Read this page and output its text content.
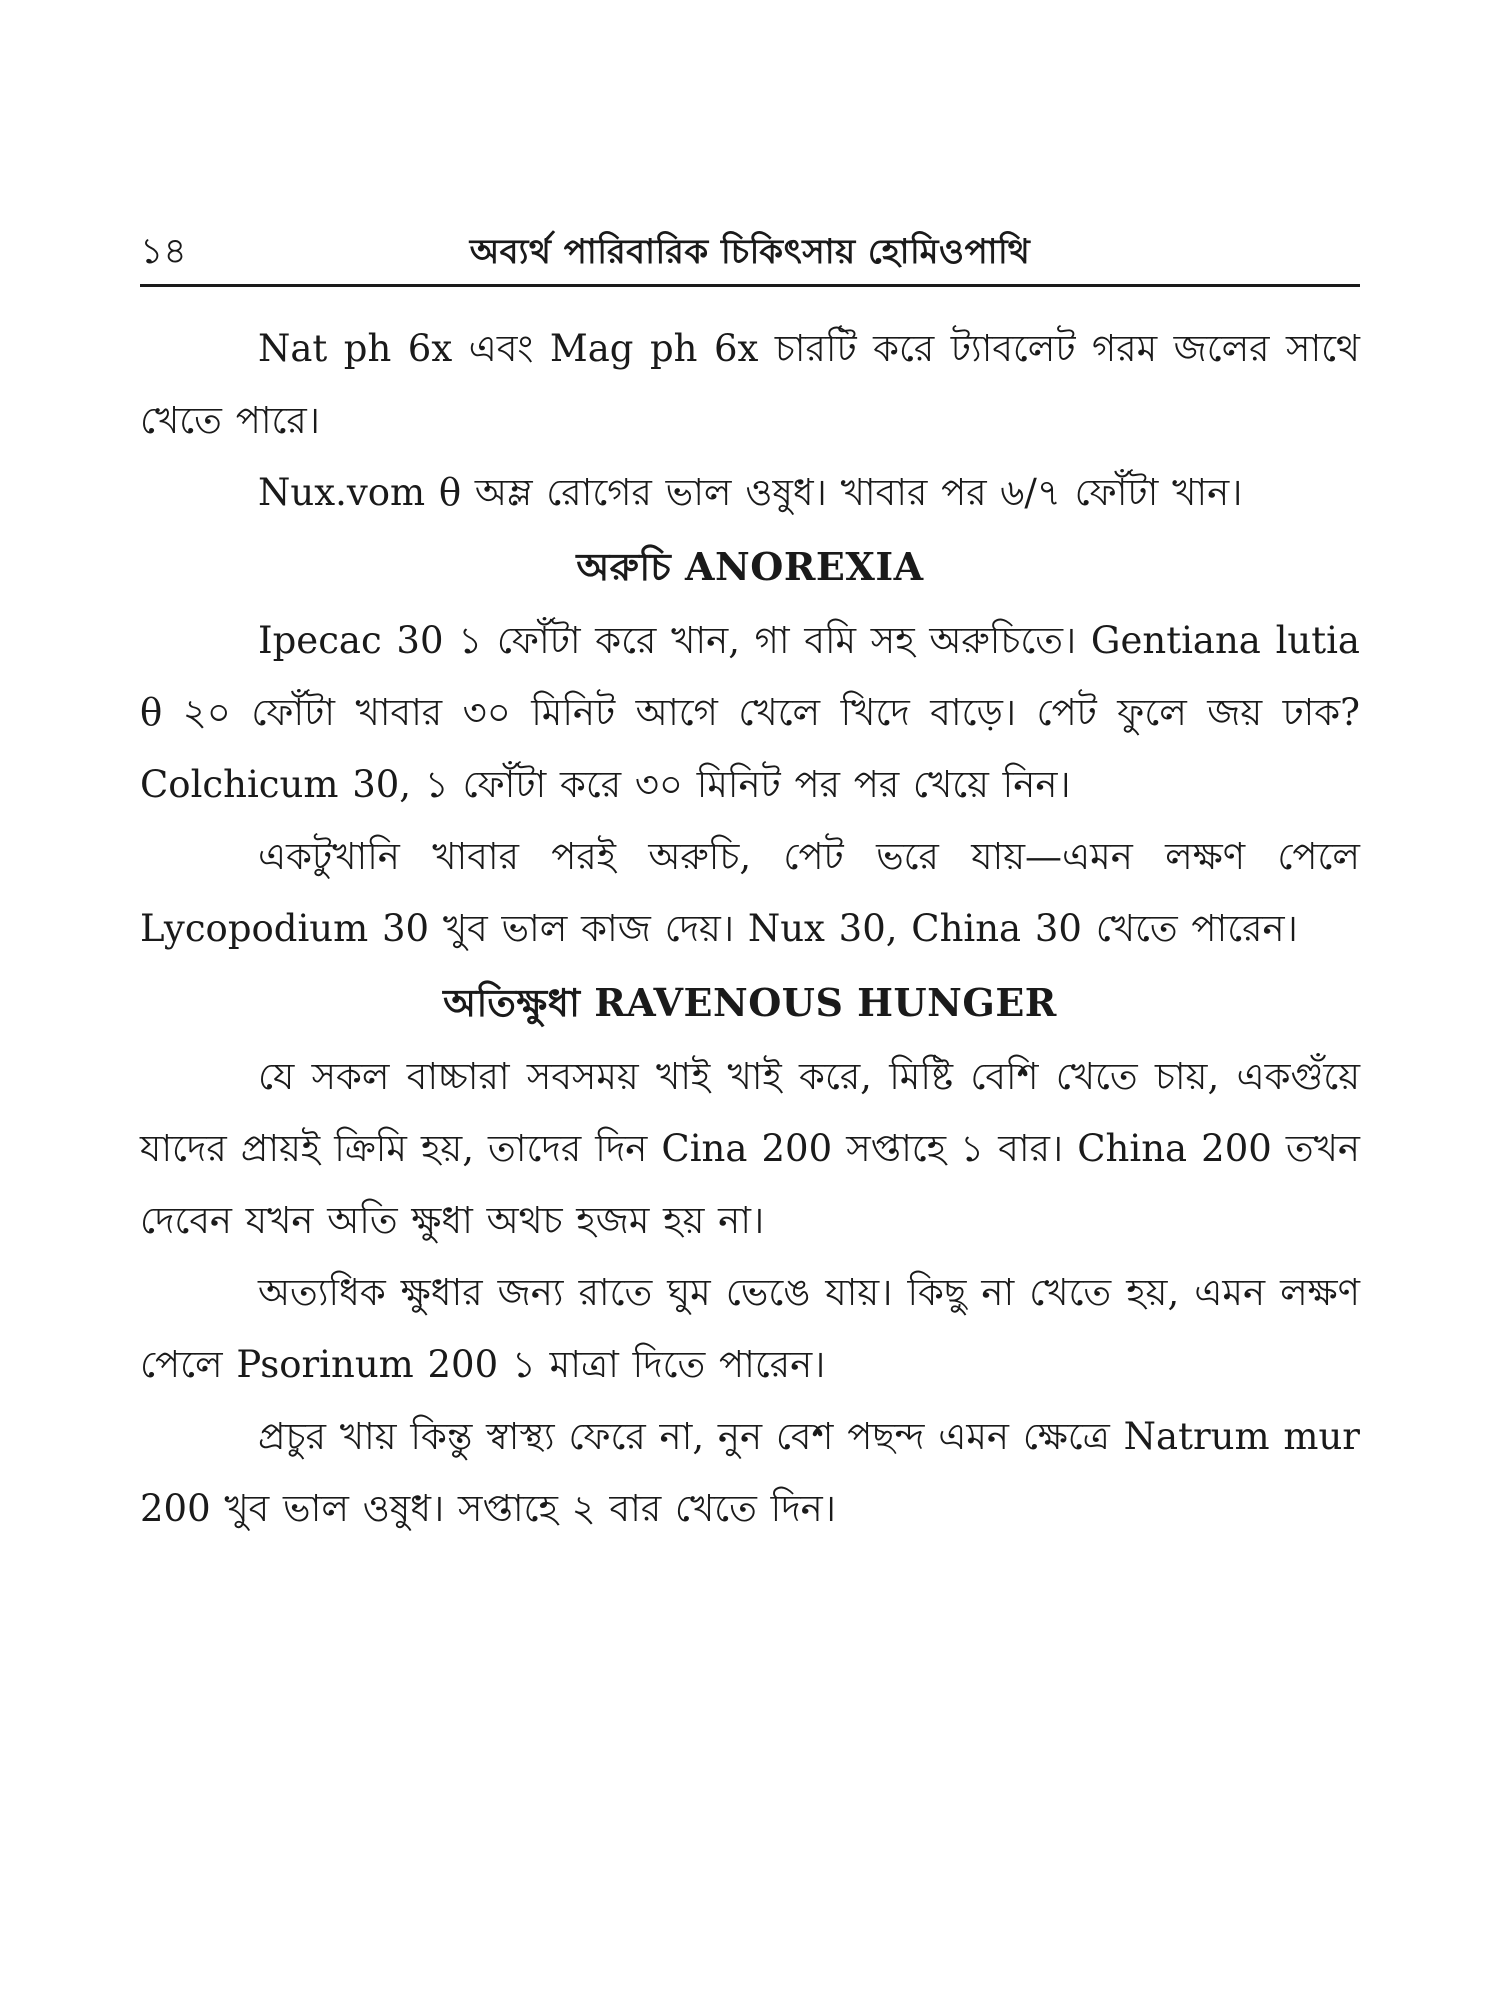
১৪	অব্যর্থ পারিবারিক চিকিৎসায় হোমিওপাথি

Nat ph 6x এবং Mag ph 6x চারটি করে ট্যাবলেট গরম জলের সাথে খেতে পারে।

Nux.vom θ অম্ল রোগের ভাল ওষুধ। খাবার পর ৬/৭ ফোঁটা খান।

অরুচি ANOREXIA

Ipecac 30 ১ ফোঁটা করে খান, গা বমি সহ অরুচিতে। Gentiana lutia θ ২০ ফোঁটা খাবার ৩০ মিনিট আগে খেলে খিদে বাড়ে। পেট ফুলে জয় ঢাক? Colchicum 30, ১ ফোঁটা করে ৩০ মিনিট পর পর খেয়ে নিন।

একটুখানি খাবার পরই অরুচি, পেট ভরে যায়—এমন লক্ষণ পেলে Lycopodium 30 খুব ভাল কাজ দেয়। Nux 30, China 30 খেতে পারেন।

অতিক্ষুধা RAVENOUS HUNGER

যে সকল বাচ্চারা সবসময় খাই খাই করে, মিষ্টি বেশি খেতে চায়, একগুঁয়ে যাদের প্রায়ই ক্রিমি হয়, তাদের দিন Cina 200 সপ্তাহে ১ বার। China 200 তখন দেবেন যখন অতি ক্ষুধা অথচ হজম হয় না।

অত্যধিক ক্ষুধার জন্য রাতে ঘুম ভেঙে যায়। কিছু না খেতে হয়, এমন লক্ষণ পেলে Psorinum 200 ১ মাত্রা দিতে পারেন।

প্রচুর খায় কিন্তু স্বাস্থ্য ফেরে না, নুন বেশ পছন্দ এমন ক্ষেত্রে Natrum mur 200 খুব ভাল ওষুধ। সপ্তাহে ২ বার খেতে দিন।
